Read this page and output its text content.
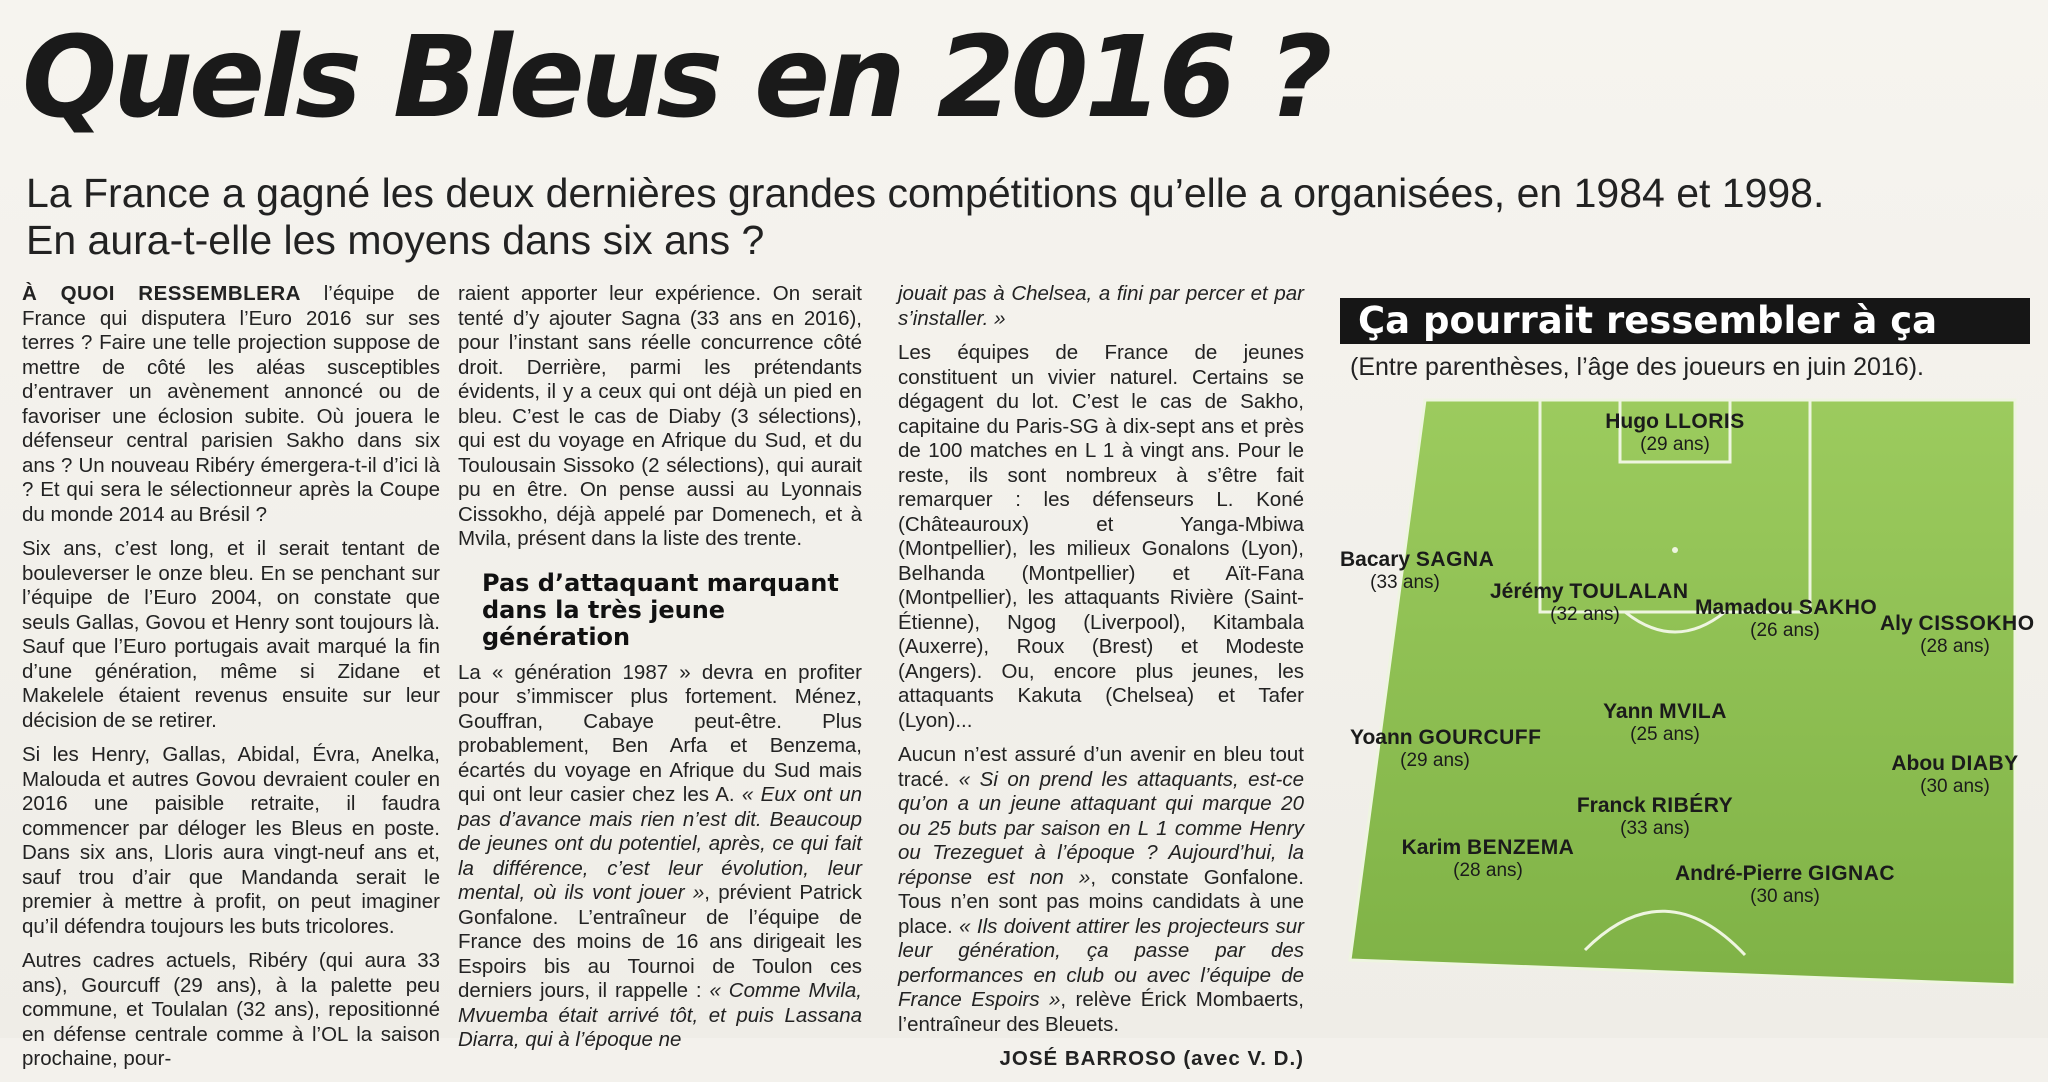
Quels Bleus en 2016 ?

La France a gagné les deux dernières grandes compétitions qu’elle a organisées, en 1984 et 1998. En aura-t-elle les moyens dans six ans ?

À QUOI RESSEMBLERA l’équipe de France qui disputera l’Euro 2016 sur ses terres ? Faire une telle projection suppose de mettre de côté les aléas susceptibles d’entraver un avènement annoncé ou de favoriser une éclosion subite. Où jouera le défenseur central parisien Sakho dans six ans ? Un nouveau Ribéry émergera-t-il d’ici là ? Et qui sera le sélectionneur après la Coupe du monde 2014 au Brésil ?

Six ans, c’est long, et il serait tentant de bouleverser le onze bleu. En se penchant sur l’équipe de l’Euro 2004, on constate que seuls Gallas, Govou et Henry sont toujours là. Sauf que l’Euro portugais avait marqué la fin d’une génération, même si Zidane et Makelele étaient revenus ensuite sur leur décision de se retirer.

Si les Henry, Gallas, Abidal, Évra, Anelka, Malouda et autres Govou devraient couler en 2016 une paisible retraite, il faudra commencer par déloger les Bleus en poste. Dans six ans, Lloris aura vingt-neuf ans et, sauf trou d’air que Mandanda serait le premier à mettre à profit, on peut imaginer qu’il défendra toujours les buts tricolores.

Autres cadres actuels, Ribéry (qui aura 33 ans), Gourcuff (29 ans), à la palette peu commune, et Toulalan (32 ans), repositionné en défense centrale comme à l’OL la saison prochaine, pour-

raient apporter leur expérience. On serait tenté d’y ajouter Sagna (33 ans en 2016), pour l’instant sans réelle concurrence côté droit. Derrière, parmi les prétendants évidents, il y a ceux qui ont déjà un pied en bleu. C’est le cas de Diaby (3 sélections), qui est du voyage en Afrique du Sud, et du Toulousain Sissoko (2 sélections), qui aurait pu en être. On pense aussi au Lyonnais Cissokho, déjà appelé par Domenech, et à Mvila, présent dans la liste des trente.

Pas d’attaquant marquant dans la très jeune génération

La « génération 1987 » devra en profiter pour s’immiscer plus fortement. Ménez, Gouffran, Cabaye peut-être. Plus probablement, Ben Arfa et Benzema, écartés du voyage en Afrique du Sud mais qui ont leur casier chez les A. « Eux ont un pas d’avance mais rien n’est dit. Beaucoup de jeunes ont du potentiel, après, ce qui fait la différence, c’est leur évolution, leur mental, où ils vont jouer », prévient Patrick Gonfalone. L’entraîneur de l’équipe de France des moins de 16 ans dirigeait les Espoirs bis au Tournoi de Toulon ces derniers jours, il rappelle : « Comme Mvila, Mvuemba était arrivé tôt, et puis Lassana Diarra, qui à l’époque ne

jouait pas à Chelsea, a fini par percer et par s’installer. »

Les équipes de France de jeunes constituent un vivier naturel. Certains se dégagent du lot. C’est le cas de Sakho, capitaine du Paris-SG à dix-sept ans et près de 100 matches en L 1 à vingt ans. Pour le reste, ils sont nombreux à s’être fait remarquer : les défenseurs L. Koné (Châteauroux) et Yanga-Mbiwa (Montpellier), les milieux Gonalons (Lyon), Belhanda (Montpellier) et Aït-Fana (Montpellier), les attaquants Rivière (Saint-Étienne), Ngog (Liverpool), Kitambala (Auxerre), Roux (Brest) et Modeste (Angers). Ou, encore plus jeunes, les attaquants Kakuta (Chelsea) et Tafer (Lyon)...

Aucun n’est assuré d’un avenir en bleu tout tracé. « Si on prend les attaquants, est-ce qu’on a un jeune attaquant qui marque 20 ou 25 buts par saison en L 1 comme Henry ou Trezeguet à l’époque ? Aujourd’hui, la réponse est non », constate Gonfalone. Tous n’en sont pas moins candidats à une place. « Ils doivent attirer les projecteurs sur leur génération, ça passe par des performances en club ou avec l’équipe de France Espoirs », relève Érick Mombaerts, l’entraîneur des Bleuets.

JOSÉ BARROSO (avec V. D.)

Ça pourrait ressembler à ça
(Entre parenthèses, l’âge des joueurs en juin 2016).
Hugo LLORIS
(29 ans)
Bacary SAGNA
(33 ans)	Jérémy TOULALAN
(32 ans)	Mamadou SAKHO
(26 ans)	Aly CISSOKHO
(28 ans)
Yann MVILA
(25 ans)
Yoann GOURCUFF
(29 ans)	Abou DIABY
(30 ans)
Franck RIBÉRY
(33 ans)
Karim BENZEMA
(28 ans)	André-Pierre GIGNAC
(30 ans)
